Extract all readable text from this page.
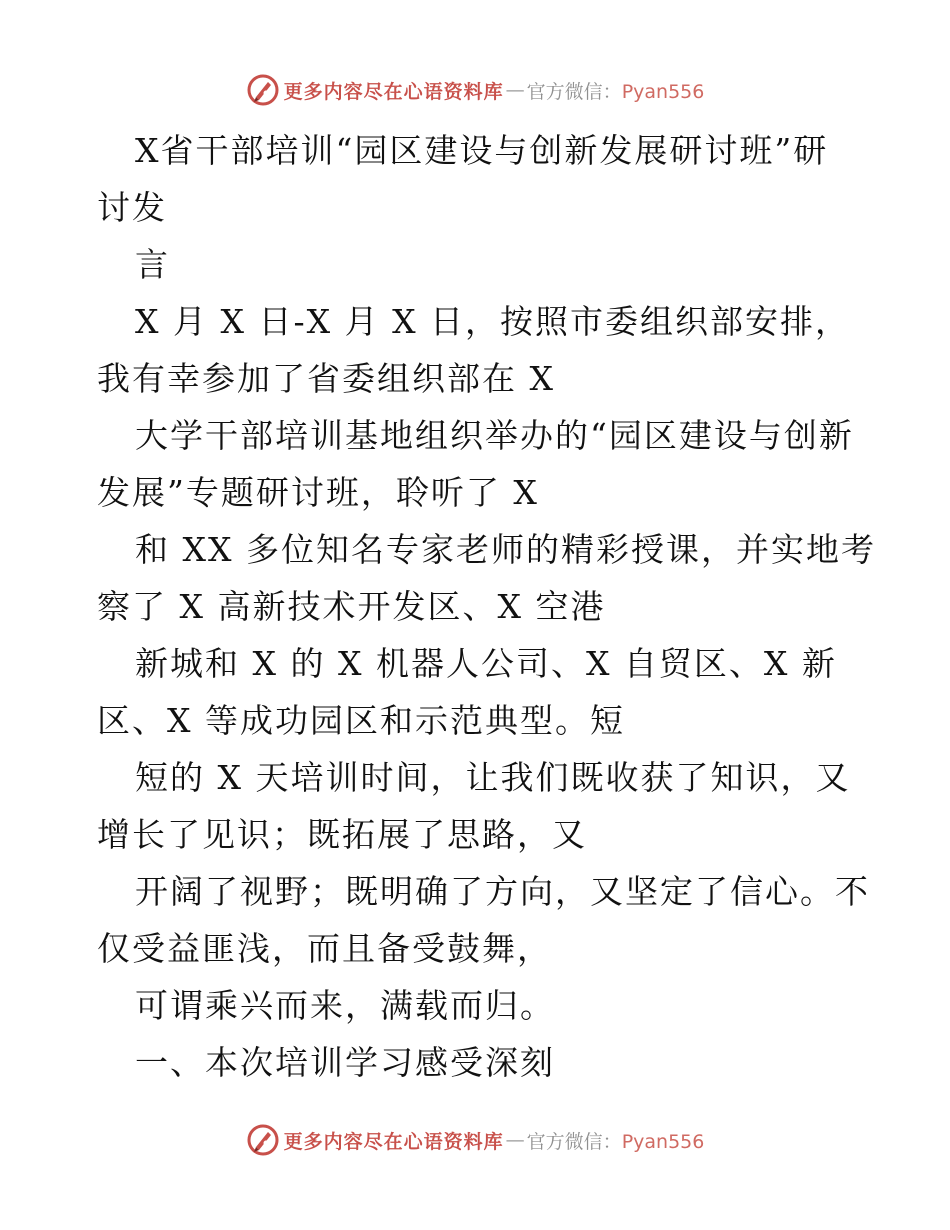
更多内容尽在心语资料库 — 官方微信：Pyan556
X省干部培训“园区建设与创新发展研讨班”研
讨发
言
X 月 X 日-X 月 X 日，按照市委组织部安排，
我有幸参加了省委组织部在 X
大学干部培训基地组织举办的“园区建设与创新
发展”专题研讨班，聆听了 X
和 XX 多位知名专家老师的精彩授课，并实地考
察了 X 高新技术开发区、X 空港
新城和 X 的 X 机器人公司、X 自贸区、X 新
区、X 等成功园区和示范典型。短
短的 X 天培训时间，让我们既收获了知识，又
增长了见识；既拓展了思路，又
开阔了视野；既明确了方向，又坚定了信心。不
仅受益匪浅，而且备受鼓舞，
可谓乘兴而来，满载而归。
一、本次培训学习感受深刻
更多内容尽在心语资料库 — 官方微信：Pyan556
